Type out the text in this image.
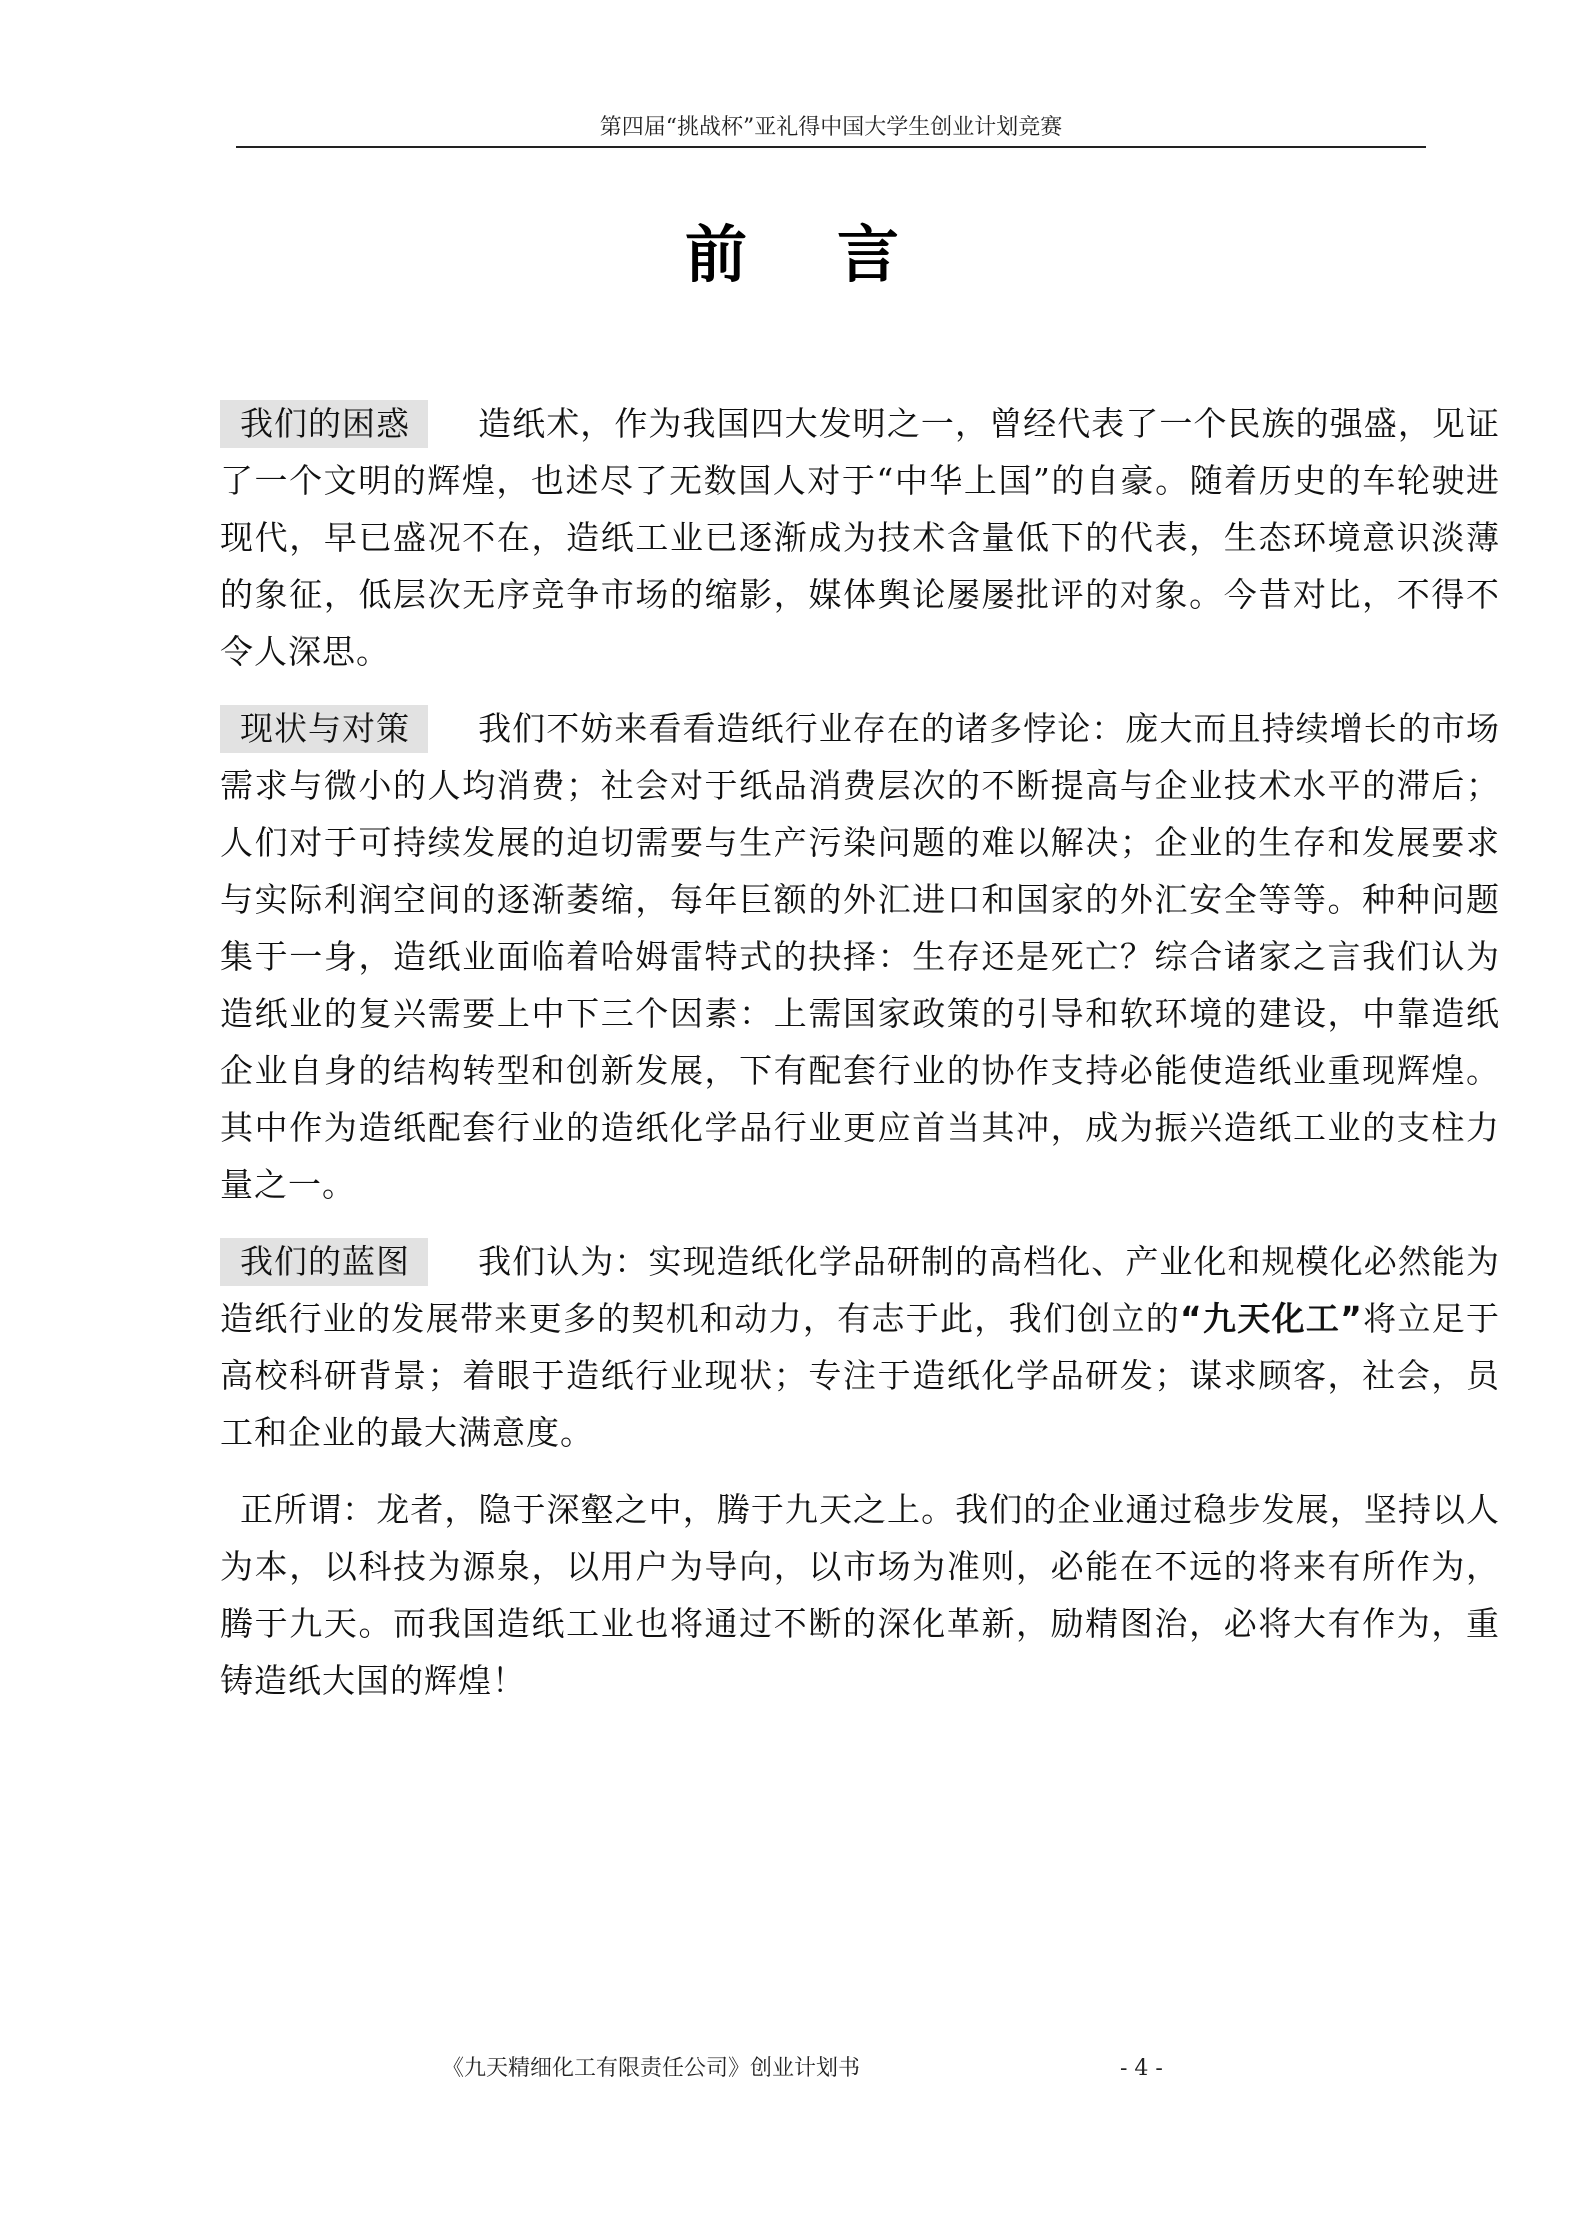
第四届“挑战杯”亚礼得中国大学生创业计划竞赛
前言

我们的困惑 造纸术，作为我国四大发明之一，曾经代表了一个民族的强盛，见证了一个文明的辉煌，也述尽了无数国人对于“中华上国”的自豪。随着历史的车轮驶进现代，早已盛况不在，造纸工业已逐渐成为技术含量低下的代表，生态环境意识淡薄的象征，低层次无序竞争市场的缩影，媒体舆论屡屡批评的对象。今昔对比，不得不令人深思。

现状与对策 我们不妨来看看造纸行业存在的诸多悖论：庞大而且持续增长的市场需求与微小的人均消费；社会对于纸品消费层次的不断提高与企业技术水平的滞后；人们对于可持续发展的迫切需要与生产污染问题的难以解决；企业的生存和发展要求与实际利润空间的逐渐萎缩，每年巨额的外汇进口和国家的外汇安全等等。种种问题集于一身，造纸业面临着哈姆雷特式的抉择：生存还是死亡？综合诸家之言我们认为造纸业的复兴需要上中下三个因素：上需国家政策的引导和软环境的建设，中靠造纸企业自身的结构转型和创新发展，下有配套行业的协作支持必能使造纸业重现辉煌。其中作为造纸配套行业的造纸化学品行业更应首当其冲，成为振兴造纸工业的支柱力量之一。

我们的蓝图 我们认为：实现造纸化学品研制的高档化、产业化和规模化必然能为造纸行业的发展带来更多的契机和动力，有志于此，我们创立的“九天化工”将立足于高校科研背景；着眼于造纸行业现状；专注于造纸化学品研发；谋求顾客，社会，员工和企业的最大满意度。

正所谓：龙者，隐于深壑之中，腾于九天之上。我们的企业通过稳步发展，坚持以人为本，以科技为源泉，以用户为导向，以市场为准则，必能在不远的将来有所作为，腾于九天。而我国造纸工业也将通过不断的深化革新，励精图治，必将大有作为，重铸造纸大国的辉煌！

《九天精细化工有限责任公司》创业计划书	- 4 -
